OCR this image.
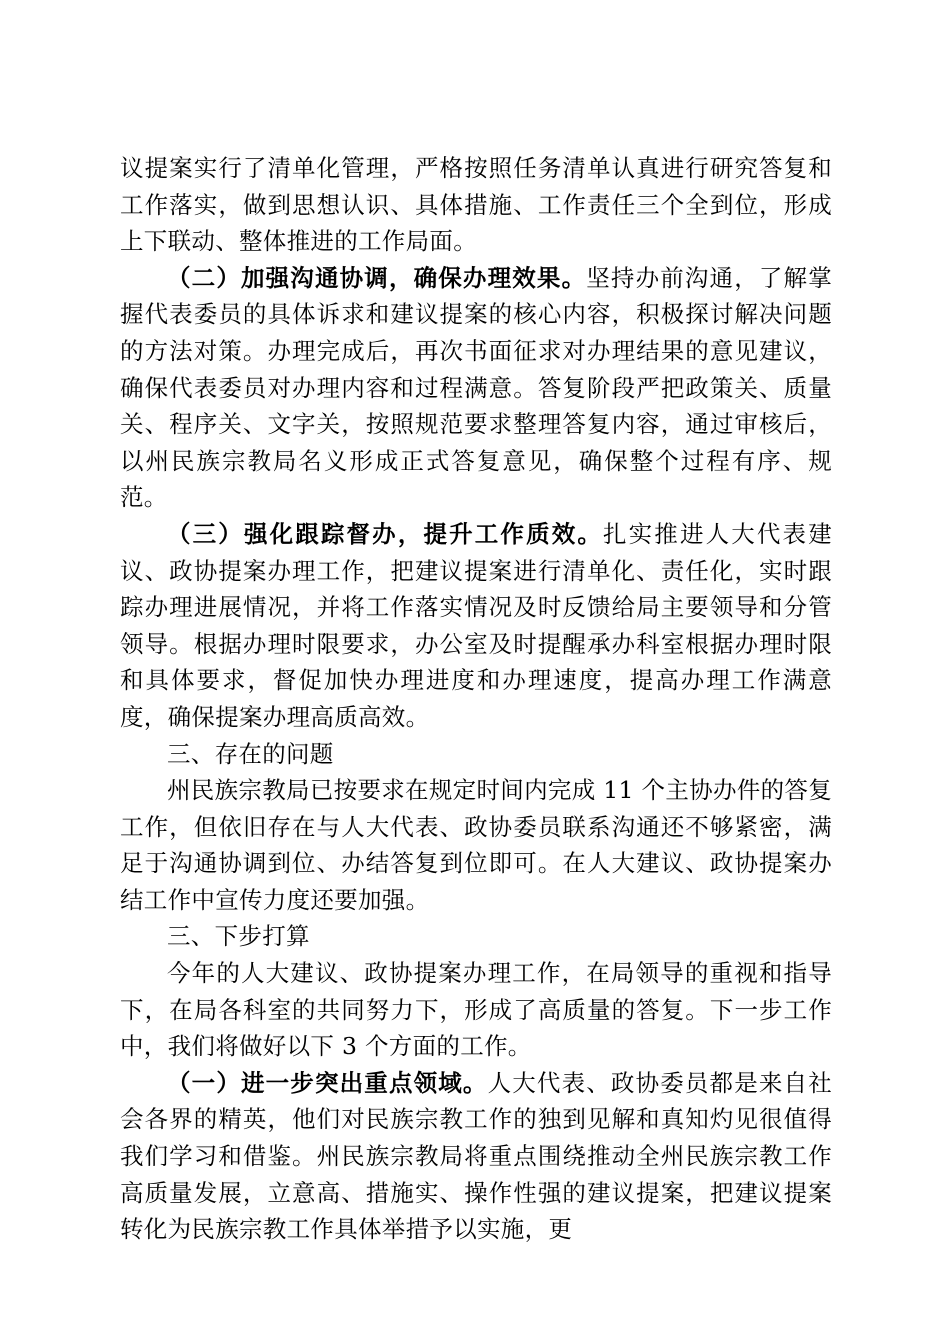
议提案实行了清单化管理，严格按照任务清单认真进行研究答复和工作落实，做到思想认识、具体措施、工作责任三个全到位，形成上下联动、整体推进的工作局面。

（二）加强沟通协调，确保办理效果。坚持办前沟通，了解掌握代表委员的具体诉求和建议提案的核心内容，积极探讨解决问题的方法对策。办理完成后，再次书面征求对办理结果的意见建议，确保代表委员对办理内容和过程满意。答复阶段严把政策关、质量关、程序关、文字关，按照规范要求整理答复内容，通过审核后，以州民族宗教局名义形成正式答复意见，确保整个过程有序、规范。

（三）强化跟踪督办，提升工作质效。扎实推进人大代表建议、政协提案办理工作，把建议提案进行清单化、责任化，实时跟踪办理进展情况，并将工作落实情况及时反馈给局主要领导和分管领导。根据办理时限要求，办公室及时提醒承办科室根据办理时限和具体要求，督促加快办理进度和办理速度，提高办理工作满意度，确保提案办理高质高效。

三、存在的问题

州民族宗教局已按要求在规定时间内完成 11 个主协办件的答复工作，但依旧存在与人大代表、政协委员联系沟通还不够紧密，满足于沟通协调到位、办结答复到位即可。在人大建议、政协提案办结工作中宣传力度还要加强。

三、下步打算

今年的人大建议、政协提案办理工作，在局领导的重视和指导下，在局各科室的共同努力下，形成了高质量的答复。下一步工作中，我们将做好以下 3 个方面的工作。

（一）进一步突出重点领域。人大代表、政协委员都是来自社会各界的精英，他们对民族宗教工作的独到见解和真知灼见很值得我们学习和借鉴。州民族宗教局将重点围绕推动全州民族宗教工作高质量发展，立意高、措施实、操作性强的建议提案，把建议提案转化为民族宗教工作具体举措予以实施，更
